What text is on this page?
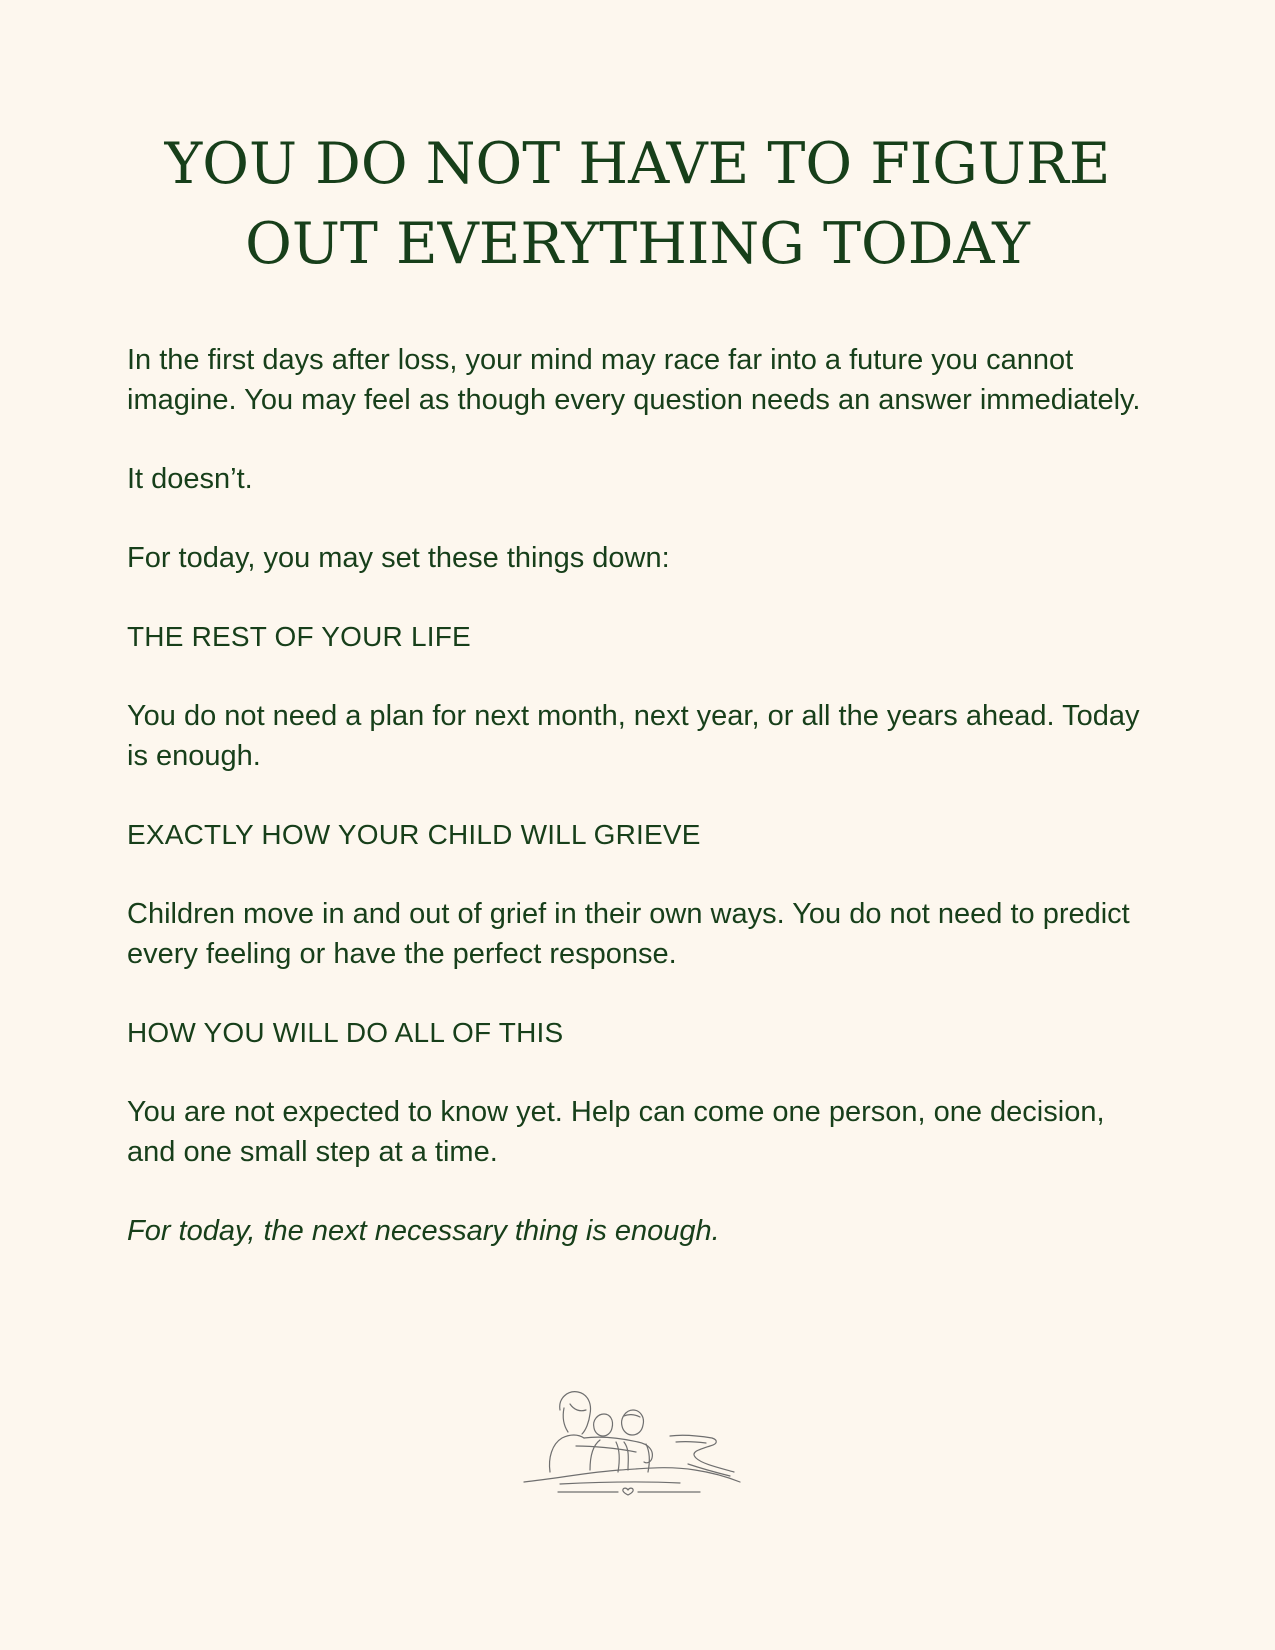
YOU DO NOT HAVE TO FIGURE
OUT EVERYTHING TODAY

In the first days after loss, your mind may race far into a future you cannot imagine. You may feel as though every question needs an answer immediately.

It doesn’t.

For today, you may set these things down:

THE REST OF YOUR LIFE

You do not need a plan for next month, next year, or all the years ahead. Today is enough.

EXACTLY HOW YOUR CHILD WILL GRIEVE

Children move in and out of grief in their own ways. You do not need to predict every feeling or have the perfect response.

HOW YOU WILL DO ALL OF THIS

You are not expected to know yet. Help can come one person, one decision, and one small step at a time.

For today, the next necessary thing is enough.
